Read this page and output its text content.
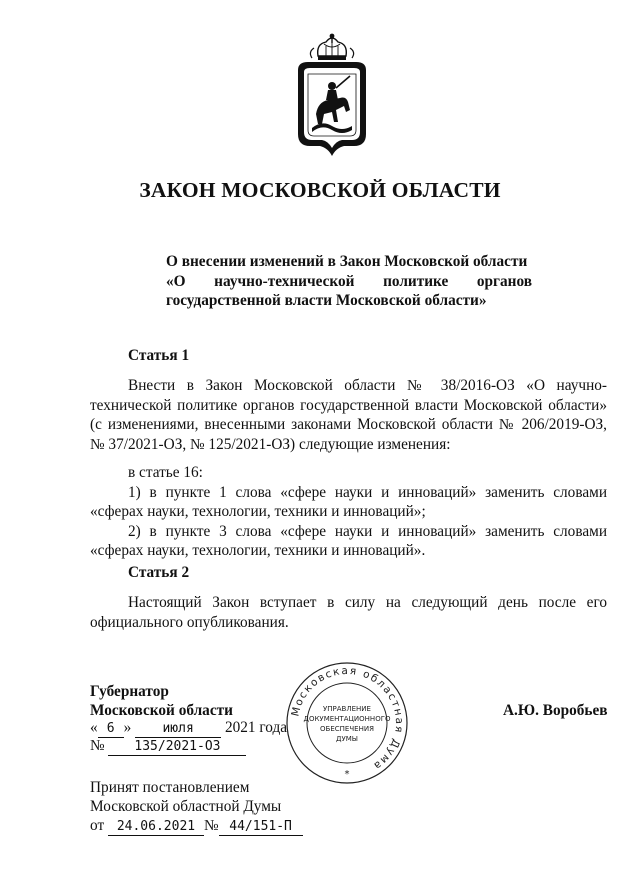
ЗАКОН МОСКОВСКОЙ ОБЛАСТИ
О внесении изменений в Закон Московской области
«О научно-технической политике органов
государственной власти Московской области»
Статья 1

Внести в Закон Московской области № 38/2016-ОЗ «О научно-технической политике органов государственной власти Московской области» (с изменениями, внесенными законами Московской области № 206/2019-ОЗ, № 37/2021-ОЗ, № 125/2021-ОЗ) следующие изменения:

в статье 16:

1) в пункте 1 слова «сфере науки и инноваций» заменить словами «сферах науки, технологии, техники и инноваций»;

2) в пункте 3 слова «сфере науки и инноваций» заменить словами «сферах науки, технологии, техники и инноваций».

Статья 2

Настоящий Закон вступает в силу на следующий день после его официального опубликования.

Губернатор
Московской области	А.Ю. Воробьев
« 6 » июля 2021 года
№ 135/2021-ОЗ
Принят постановлением
Московской областной Думы
от 24.06.2021 № 44/151-П
Московская областная Дума
УПРАВЛЕНИЕ
ДОКУМЕНТАЦИОННОГО
ОБЕСПЕЧЕНИЯ
ДУМЫ
*
